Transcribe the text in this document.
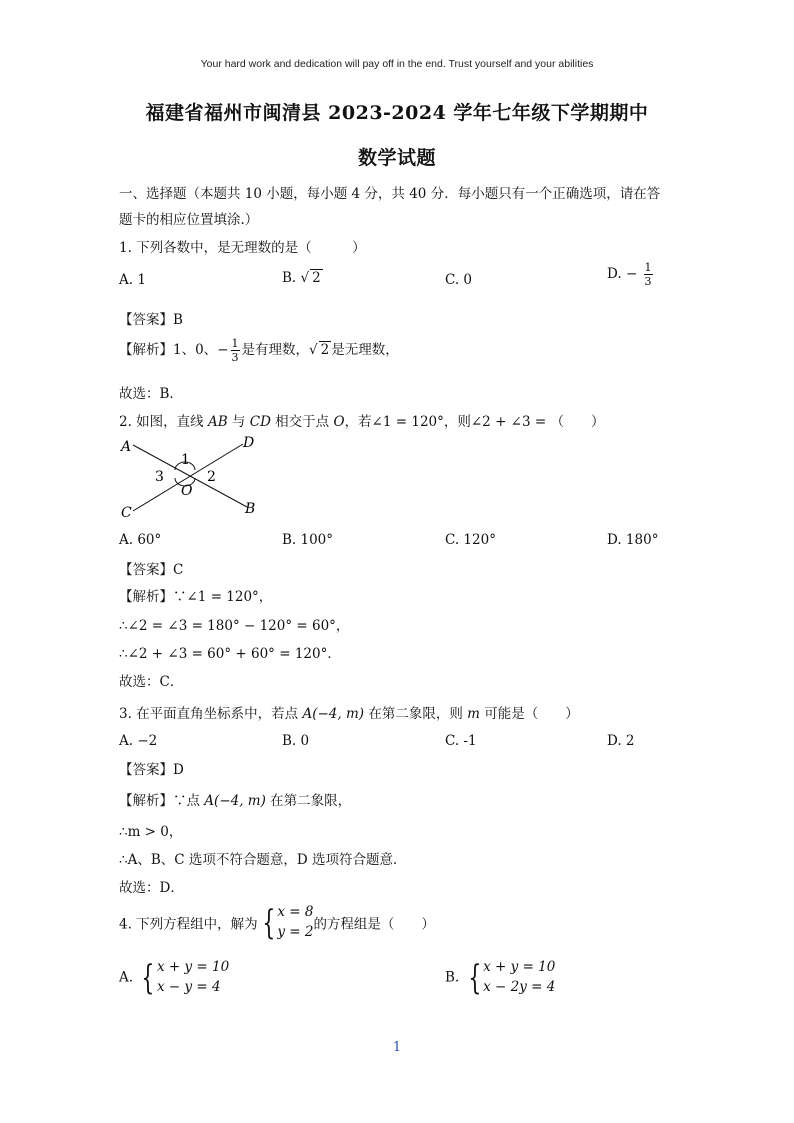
Your hard work and dedication will pay off in the end. Trust yourself and your abilities
福建省福州市闽清县 2023-2024 学年七年级下学期期中
数学试题
一、选择题（本题共 10 小题，每小题 4 分，共 40 分．每小题只有一个正确选项，请在答
题卡的相应位置填涂.）
1. 下列各数中，是无理数的是（　　　）
A. 1	B. √ 2	C. 0	D. − $\frac{1}{3}$
【答案】B
【解析】1、0、− $\frac{1}{3}$ 是有理数，√ 2 是无理数，
故选：B．
2. 如图，直线 AB 与 CD 相交于点 O，若∠1 = 120°，则∠2 + ∠3 = （　　）
A	D
C	B
O
1
2
3
A. 60°	B. 100°	C. 120°	D. 180°
【答案】C
【解析】∵∠1 = 120°，
∴∠2 = ∠3 = 180° − 120° = 60°，
∴∠2 + ∠3 = 60° + 60° = 120°．
故选：C．
3. 在平面直角坐标系中，若点 A(−4, m) 在第二象限，则 m 可能是（　　）
A. −2	B. 0	C. -1	D. 2
【答案】D
【解析】∵点 A(−4, m) 在第二象限，
∴m > 0，
∴A、B、C 选项不符合题意，D 选项符合题意．
故选：D．
4. 下列方程组中，解为 { x = 8
y = 2 的方程组是（　　）
A. { x + y = 10
x − y = 4
B. { x + y = 10
x − 2y = 4
1
